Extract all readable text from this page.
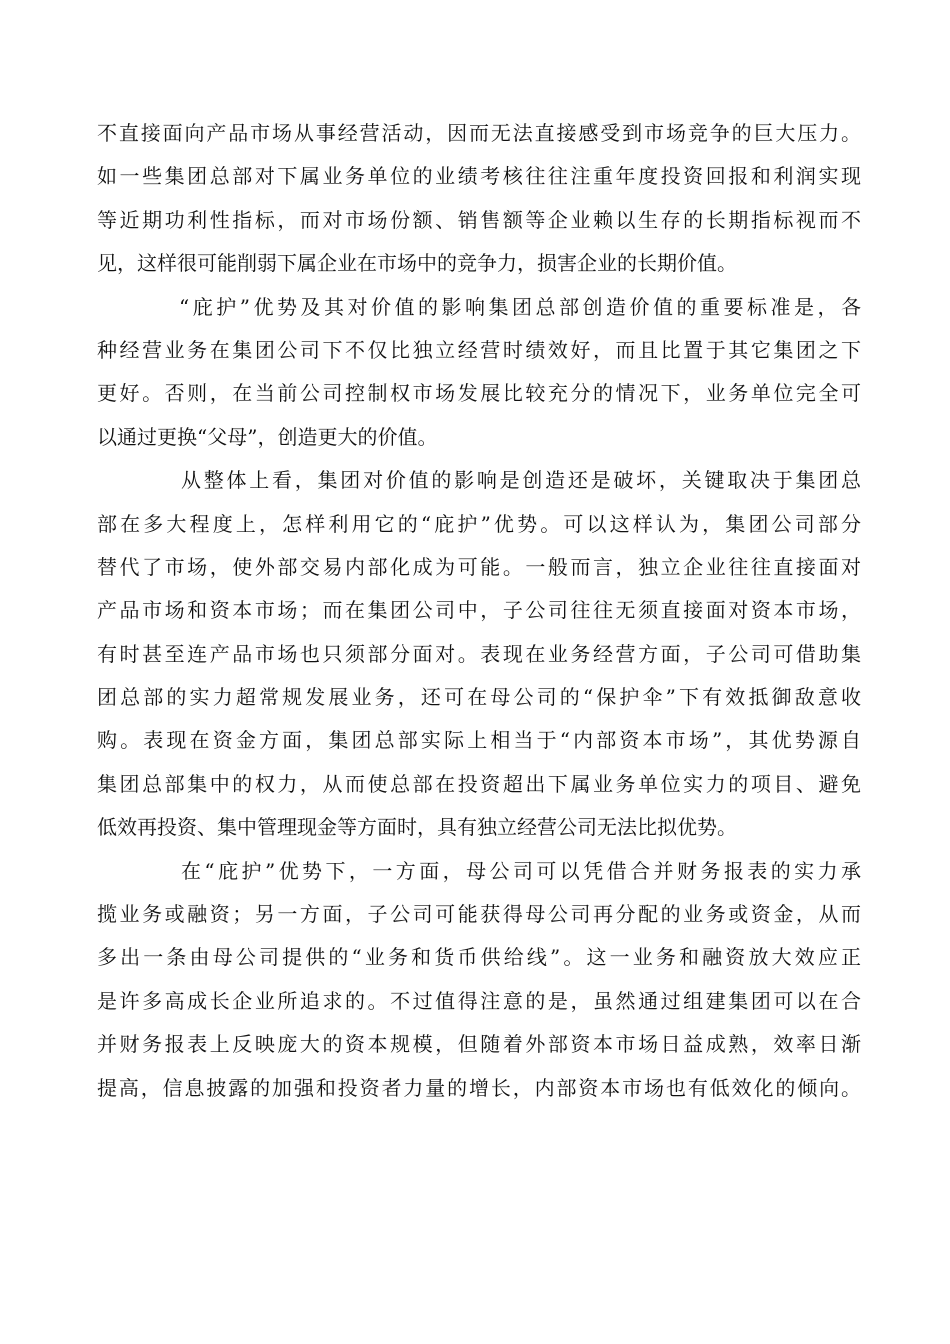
不直接面向产品市场从事经营活动，因而无法直接感受到市场竞争的巨大压力。
如一些集团总部对下属业务单位的业绩考核往往注重年度投资回报和利润实现
等近期功利性指标，而对市场份额、销售额等企业赖以生存的长期指标视而不
见，这样很可能削弱下属企业在市场中的竞争力，损害企业的长期价值。
“庇护”优势及其对价值的影响集团总部创造价值的重要标准是，各
种经营业务在集团公司下不仅比独立经营时绩效好，而且比置于其它集团之下
更好。否则，在当前公司控制权市场发展比较充分的情况下，业务单位完全可
以通过更换“父母”，创造更大的价值。
从整体上看，集团对价值的影响是创造还是破坏，关键取决于集团总
部在多大程度上，怎样利用它的“庇护”优势。可以这样认为，集团公司部分
替代了市场，使外部交易内部化成为可能。一般而言，独立企业往往直接面对
产品市场和资本市场；而在集团公司中，子公司往往无须直接面对资本市场，
有时甚至连产品市场也只须部分面对。表现在业务经营方面，子公司可借助集
团总部的实力超常规发展业务，还可在母公司的“保护伞”下有效抵御敌意收
购。表现在资金方面，集团总部实际上相当于“内部资本市场”，其优势源自
集团总部集中的权力，从而使总部在投资超出下属业务单位实力的项目、避免
低效再投资、集中管理现金等方面时，具有独立经营公司无法比拟优势。
在“庇护”优势下，一方面，母公司可以凭借合并财务报表的实力承
揽业务或融资；另一方面，子公司可能获得母公司再分配的业务或资金，从而
多出一条由母公司提供的“业务和货币供给线”。这一业务和融资放大效应正
是许多高成长企业所追求的。不过值得注意的是，虽然通过组建集团可以在合
并财务报表上反映庞大的资本规模，但随着外部资本市场日益成熟，效率日渐
提高，信息披露的加强和投资者力量的增长，内部资本市场也有低效化的倾向。
